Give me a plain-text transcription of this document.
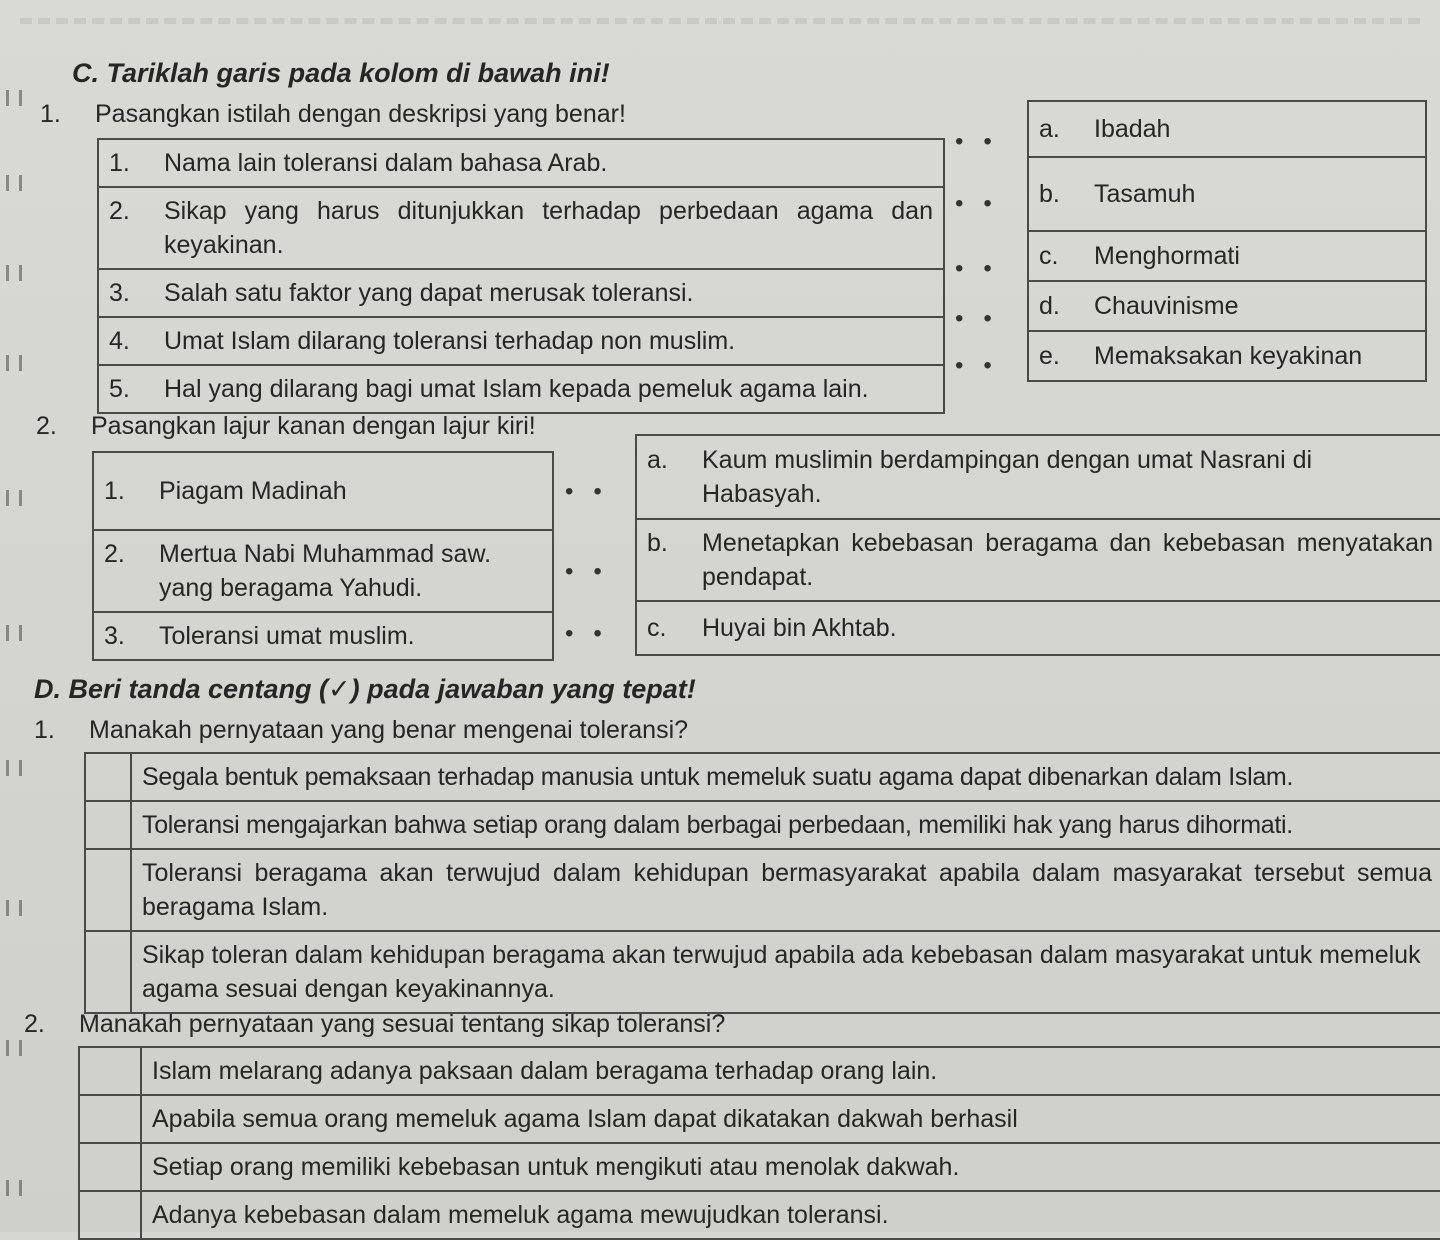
C. Tariklah garis pada kolom di bawah ini!
1. Pasangkan istilah dengan deskripsi yang benar!
1. Nama lain toleransi dalam bahasa Arab.

2.	Sikap yang harus ditunjukkan terhadap perbedaan agama dan keyakinan.

3. Salah satu faktor yang dapat merusak toleransi.
4. Umat Islam dilarang toleransi terhadap non muslim.
5. Hal yang dilarang bagi umat Islam kepada pemeluk agama lain.
••
••
••
••
••
a. Ibadah
b. Tasamuh
c. Menghormati
d. Chauvinisme
e. Memaksakan keyakinan
2. Pasangkan lajur kanan dengan lajur kiri!
1. Piagam Madinah

2.	Mertua Nabi Muhammad saw. yang beragama Yahudi.

3. Toleransi umat muslim.
••
••
••
a.	Kaum muslimin berdampingan dengan umat Nasrani di Habasyah.

b.	Menetapkan kebebasan beragama dan kebebasan menyatakan pendapat.

c. Huyai bin Akhtab.
D. Beri tanda centang (✓) pada jawaban yang tepat!
1. Manakah pernyataan yang benar mengenai toleransi?
	Segala bentuk pemaksaan terhadap manusia untuk memeluk suatu agama dapat dibenarkan dalam Islam.
	Toleransi mengajarkan bahwa setiap orang dalam berbagai perbedaan, memiliki hak yang harus dihormati.
	Toleransi beragama akan terwujud dalam kehidupan bermasyarakat apabila dalam masyarakat tersebut semua beragama Islam.
	Sikap toleran dalam kehidupan beragama akan terwujud apabila ada kebebasan dalam masyarakat untuk memeluk agama sesuai dengan keyakinannya.
2. Manakah pernyataan yang sesuai tentang sikap toleransi?
	Islam melarang adanya paksaan dalam beragama terhadap orang lain.
	Apabila semua orang memeluk agama Islam dapat dikatakan dakwah berhasil
	Setiap orang memiliki kebebasan untuk mengikuti atau menolak dakwah.
	Adanya kebebasan dalam memeluk agama mewujudkan toleransi.
